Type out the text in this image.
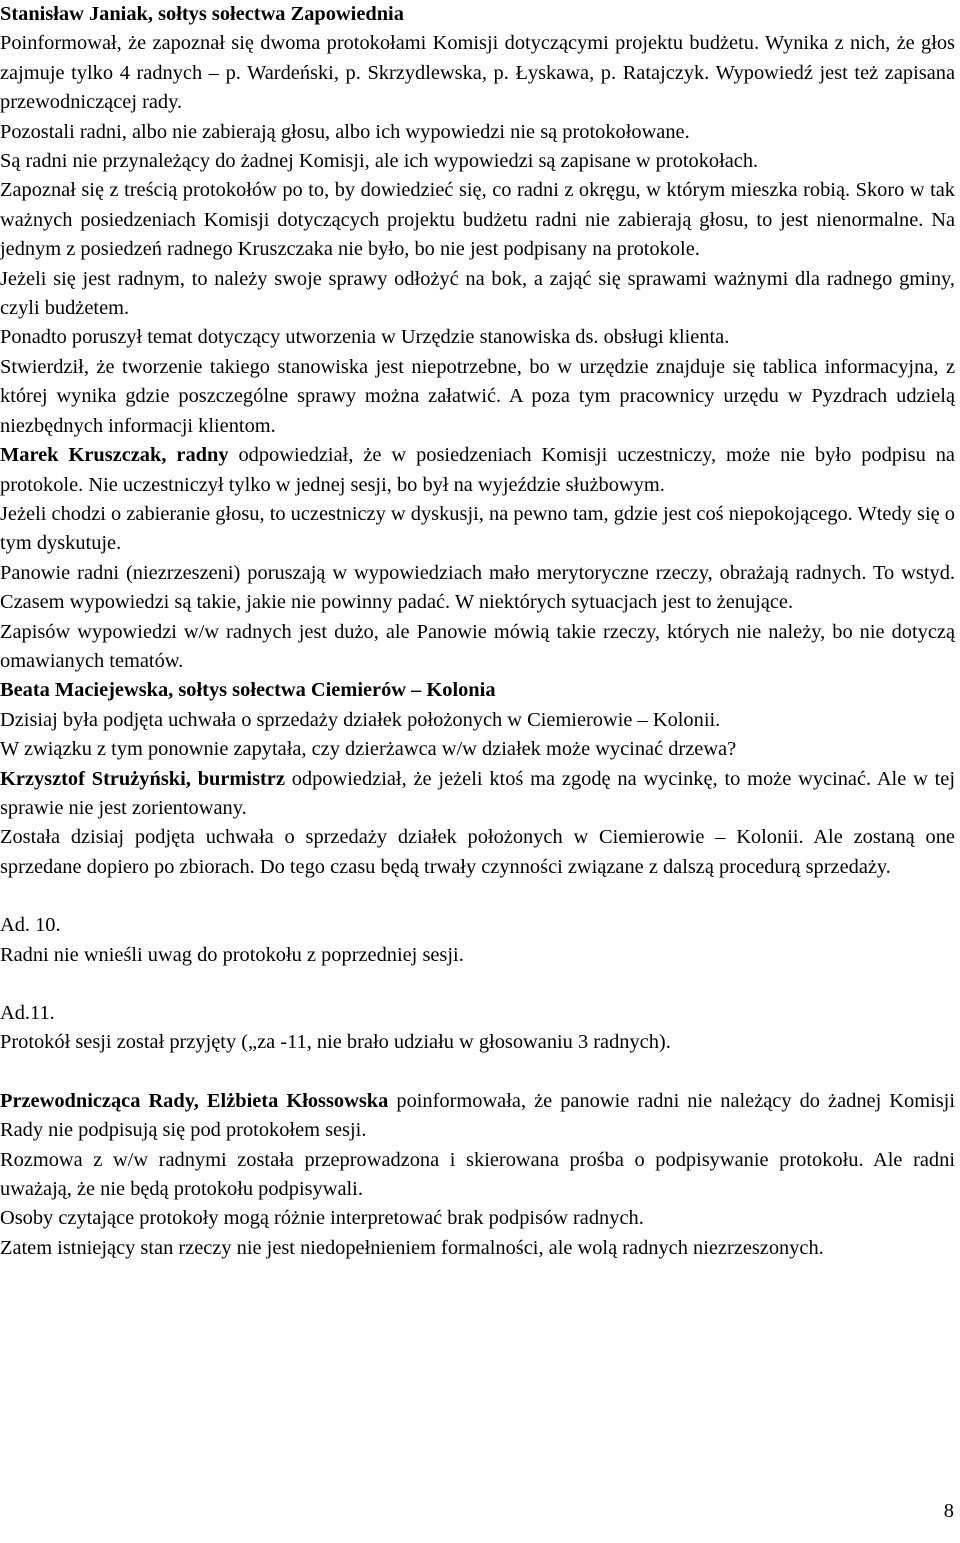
Stanisław Janiak, sołtys sołectwa Zapowiednia

Poinformował, że zapoznał się dwoma protokołami Komisji dotyczącymi projektu budżetu. Wynika z nich, że głos zajmuje tylko 4 radnych – p. Wardeński, p. Skrzydlewska, p. Łyskawa, p. Ratajczyk. Wypowiedź jest też zapisana przewodniczącej rady.

Pozostali radni, albo nie zabierają głosu, albo ich wypowiedzi nie są protokołowane.

Są radni nie przynależący do żadnej Komisji, ale ich wypowiedzi są zapisane w protokołach.

Zapoznał się z treścią protokołów po to, by dowiedzieć się, co radni z okręgu, w którym mieszka robią. Skoro w tak ważnych posiedzeniach Komisji dotyczących projektu budżetu radni nie zabierają głosu, to jest nienormalne. Na jednym z posiedzeń radnego Kruszczaka nie było, bo nie jest podpisany na protokole.

Jeżeli się jest radnym, to należy swoje sprawy odłożyć na bok, a zająć się sprawami ważnymi dla radnego gminy, czyli budżetem.

Ponadto poruszył temat dotyczący utworzenia w Urzędzie stanowiska ds. obsługi klienta.

Stwierdził, że tworzenie takiego stanowiska jest niepotrzebne, bo w urzędzie znajduje się tablica informacyjna, z której wynika gdzie poszczególne sprawy można załatwić. A poza tym pracownicy urzędu w Pyzdrach udzielą niezbędnych informacji klientom.

Marek Kruszczak, radny odpowiedział, że w posiedzeniach Komisji uczestniczy, może nie było podpisu na protokole. Nie uczestniczył tylko w jednej sesji, bo był na wyjeździe służbowym.

Jeżeli chodzi o zabieranie głosu, to uczestniczy w dyskusji, na pewno tam, gdzie jest coś niepokojącego. Wtedy się o tym dyskutuje.

Panowie radni (niezrzeszeni) poruszają w wypowiedziach mało merytoryczne rzeczy, obrażają radnych. To wstyd. Czasem wypowiedzi są takie, jakie nie powinny padać. W niektórych sytuacjach jest to żenujące.

Zapisów wypowiedzi w/w radnych jest dużo, ale Panowie mówią takie rzeczy, których nie należy, bo nie dotyczą omawianych tematów.

Beata Maciejewska, sołtys sołectwa Ciemierów – Kolonia

Dzisiaj była podjęta uchwała o sprzedaży działek położonych w Ciemierowie – Kolonii.

W związku z tym ponownie zapytała, czy dzierżawca w/w działek może wycinać drzewa?

Krzysztof Strużyński, burmistrz odpowiedział, że jeżeli ktoś ma zgodę na wycinkę, to może wycinać. Ale w tej sprawie nie jest zorientowany.

Została dzisiaj podjęta uchwała o sprzedaży działek położonych w Ciemierowie – Kolonii. Ale zostaną one sprzedane dopiero po zbiorach. Do tego czasu będą trwały czynności związane z dalszą procedurą sprzedaży.

Ad. 10.

Radni nie wnieśli uwag do protokołu z poprzedniej sesji.

Ad.11.

Protokół sesji został przyjęty („za -11, nie brało udziału w głosowaniu 3 radnych).

Przewodnicząca Rady, Elżbieta Kłossowska poinformowała, że panowie radni nie należący do żadnej Komisji Rady nie podpisują się pod protokołem sesji.

Rozmowa z w/w radnymi została przeprowadzona i skierowana prośba o podpisywanie protokołu. Ale radni uważają, że nie będą protokołu podpisywali.

Osoby czytające protokoły mogą różnie interpretować brak podpisów radnych.

Zatem istniejący stan rzeczy nie jest niedopełnieniem formalności, ale wolą radnych niezrzeszonych.

8
